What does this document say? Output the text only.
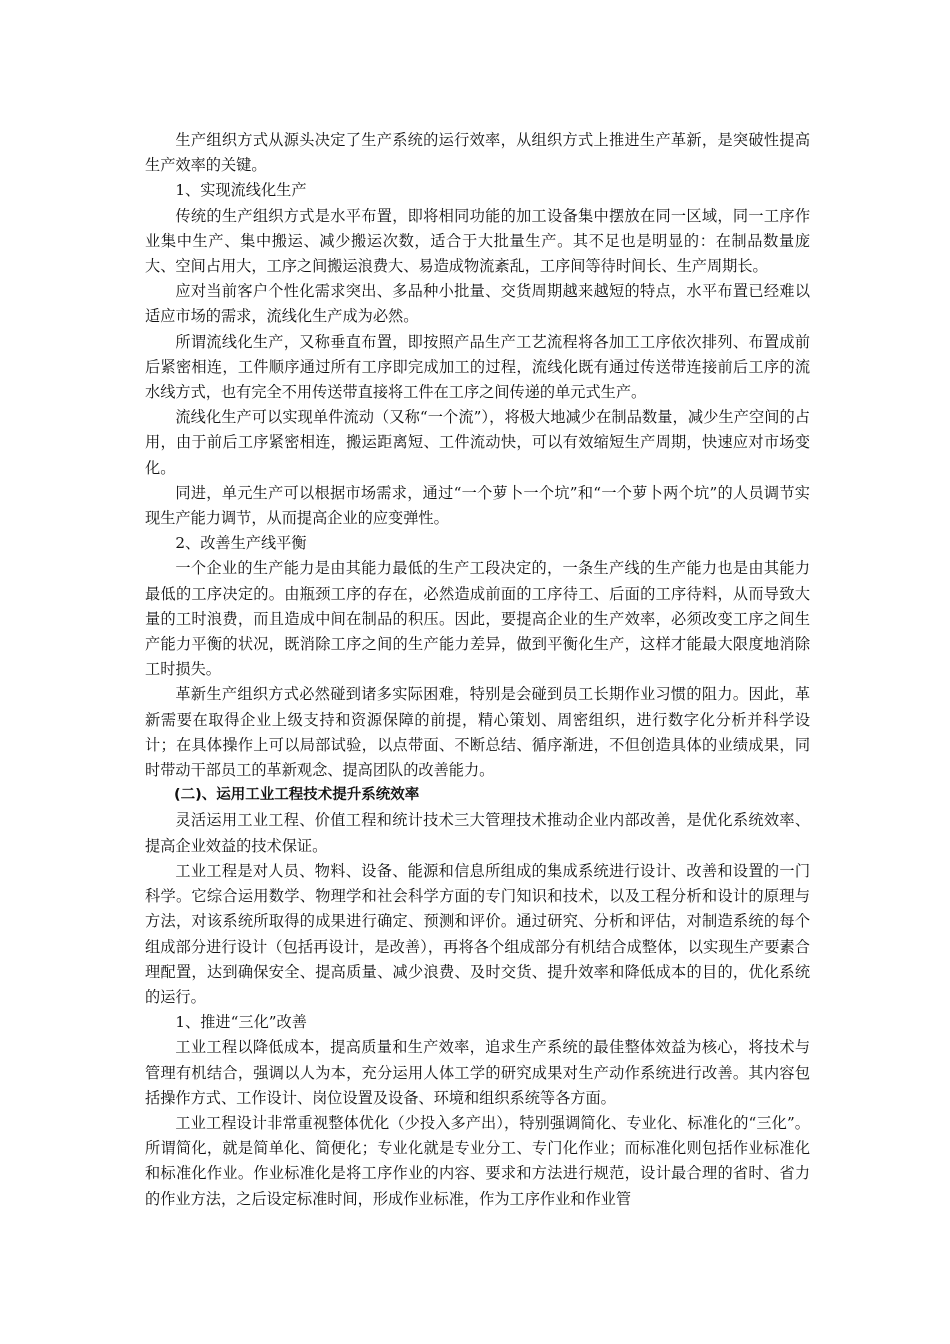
生产组织方式从源头决定了生产系统的运行效率，从组织方式上推进生产革新，是突破性提高生产效率的关键。

1、实现流线化生产

传统的生产组织方式是水平布置，即将相同功能的加工设备集中摆放在同一区域，同一工序作业集中生产、集中搬运、减少搬运次数，适合于大批量生产。其不足也是明显的：在制品数量庞大、空间占用大，工序之间搬运浪费大、易造成物流紊乱，工序间等待时间长、生产周期长。

应对当前客户个性化需求突出、多品种小批量、交货周期越来越短的特点，水平布置已经难以适应市场的需求，流线化生产成为必然。

所谓流线化生产，又称垂直布置，即按照产品生产工艺流程将各加工工序依次排列、布置成前后紧密相连，工件顺序通过所有工序即完成加工的过程，流线化既有通过传送带连接前后工序的流水线方式，也有完全不用传送带直接将工件在工序之间传递的单元式生产。

流线化生产可以实现单件流动（又称“一个流”），将极大地减少在制品数量，减少生产空间的占用，由于前后工序紧密相连，搬运距离短、工件流动快，可以有效缩短生产周期，快速应对市场变化。

同进，单元生产可以根据市场需求，通过“一个萝卜一个坑”和“一个萝卜两个坑”的人员调节实现生产能力调节，从而提高企业的应变弹性。

2、改善生产线平衡

一个企业的生产能力是由其能力最低的生产工段决定的，一条生产线的生产能力也是由其能力最低的工序决定的。由瓶颈工序的存在，必然造成前面的工序待工、后面的工序待料，从而导致大量的工时浪费，而且造成中间在制品的积压。因此，要提高企业的生产效率，必须改变工序之间生产能力平衡的状况，既消除工序之间的生产能力差异，做到平衡化生产，这样才能最大限度地消除工时损失。

革新生产组织方式必然碰到诸多实际困难，特别是会碰到员工长期作业习惯的阻力。因此，革新需要在取得企业上级支持和资源保障的前提，精心策划、周密组织，进行数字化分析并科学设计；在具体操作上可以局部试验，以点带面、不断总结、循序渐进，不但创造具体的业绩成果，同时带动干部员工的革新观念、提高团队的改善能力。

(二)、运用工业工程技术提升系统效率

灵活运用工业工程、价值工程和统计技术三大管理技术推动企业内部改善，是优化系统效率、提高企业效益的技术保证。

工业工程是对人员、物料、设备、能源和信息所组成的集成系统进行设计、改善和设置的一门科学。它综合运用数学、物理学和社会科学方面的专门知识和技术，以及工程分析和设计的原理与方法，对该系统所取得的成果进行确定、预测和评价。通过研究、分析和评估，对制造系统的每个组成部分进行设计（包括再设计，是改善），再将各个组成部分有机结合成整体，以实现生产要素合理配置，达到确保安全、提高质量、减少浪费、及时交货、提升效率和降低成本的目的，优化系统的运行。

1、推进“三化”改善

工业工程以降低成本，提高质量和生产效率，追求生产系统的最佳整体效益为核心，将技术与管理有机结合，强调以人为本，充分运用人体工学的研究成果对生产动作系统进行改善。其内容包括操作方式、工作设计、岗位设置及设备、环境和组织系统等各方面。

工业工程设计非常重视整体优化（少投入多产出），特别强调简化、专业化、标准化的“三化”。所谓简化，就是简单化、简便化；专业化就是专业分工、专门化作业；而标准化则包括作业标准化和标准化作业。作业标准化是将工序作业的内容、要求和方法进行规范，设计最合理的省时、省力的作业方法，之后设定标准时间，形成作业标准，作为工序作业和作业管
